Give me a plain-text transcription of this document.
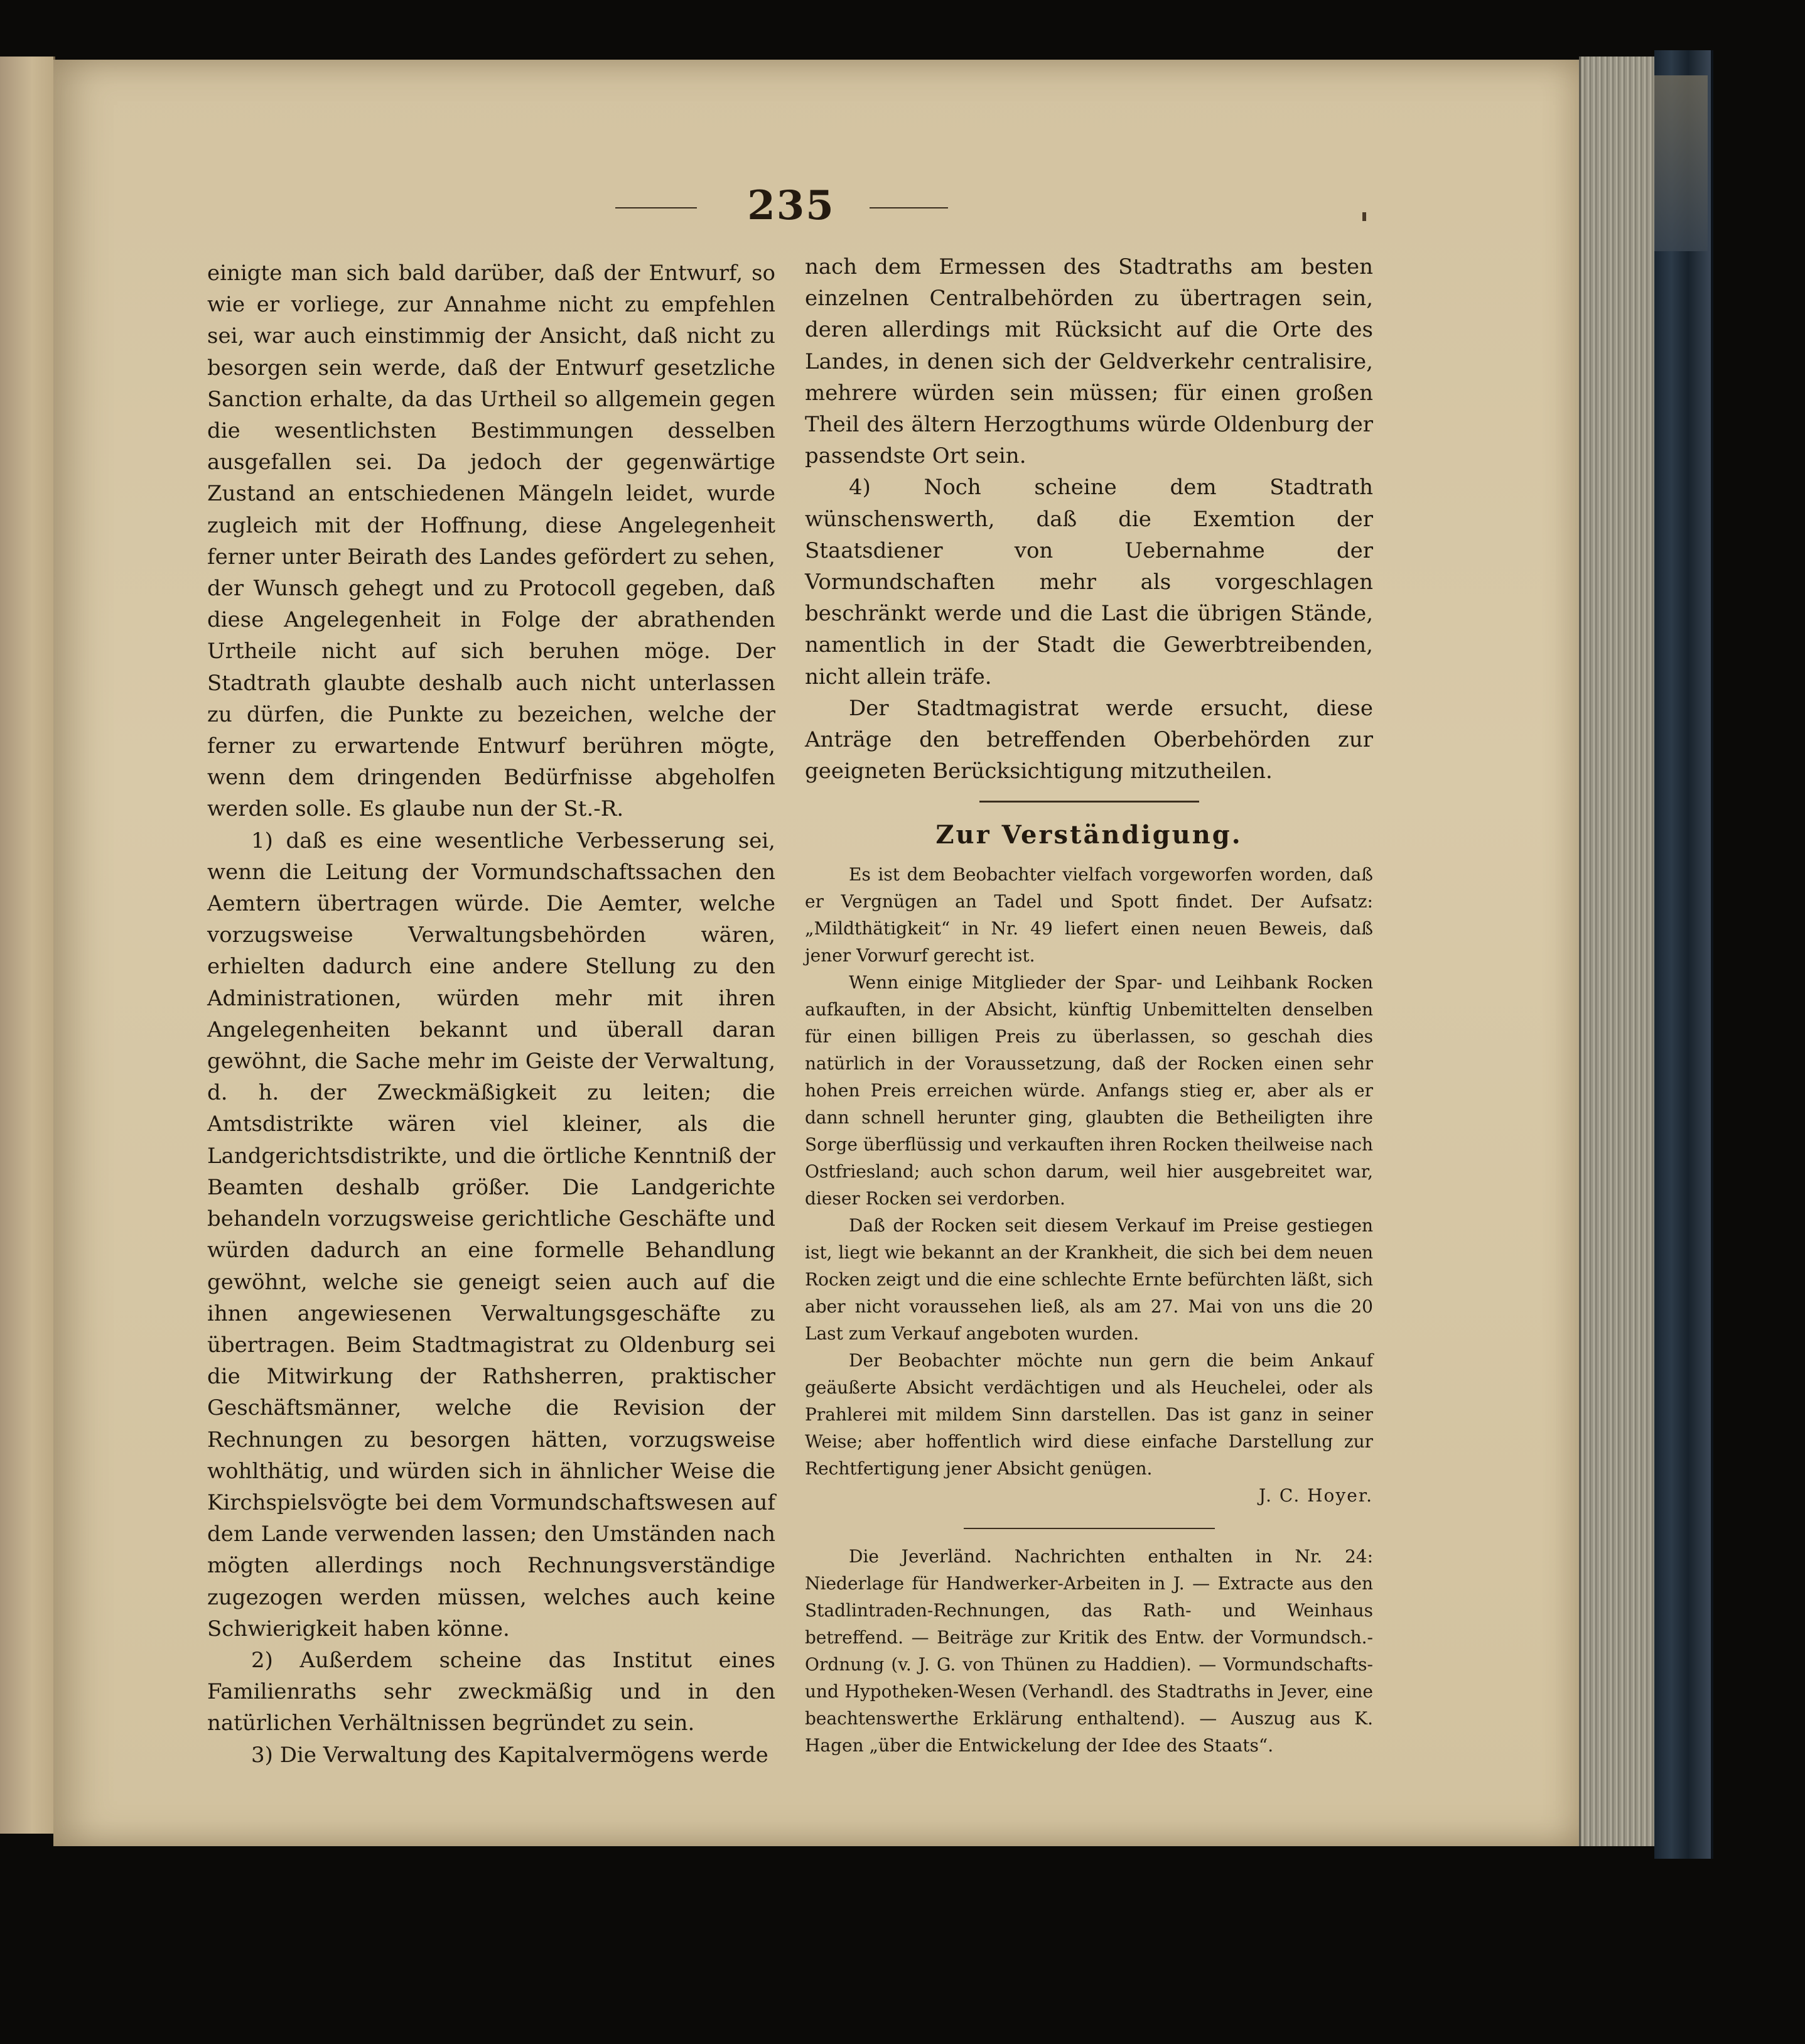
235

einigte man sich bald darüber, daß der Entwurf, so wie er vorliege, zur Annahme nicht zu empfehlen sei, war auch einstimmig der Ansicht, daß nicht zu besorgen sein werde, daß der Entwurf gesetzliche Sanction erhalte, da das Urtheil so allgemein gegen die wesentlichsten Bestimmungen desselben ausgefallen sei. Da jedoch der gegenwärtige Zustand an entschiedenen Mängeln leidet, wurde zugleich mit der Hoffnung, diese Angelegenheit ferner unter Beirath des Landes gefördert zu sehen, der Wunsch gehegt und zu Protocoll gegeben, daß diese Angelegenheit in Folge der abrathenden Urtheile nicht auf sich beruhen möge. Der Stadtrath glaubte deshalb auch nicht unterlassen zu dürfen, die Punkte zu bezeichen, welche der ferner zu erwartende Entwurf berühren mögte, wenn dem dringenden Bedürfnisse abgeholfen werden solle. Es glaube nun der St.-R.

1) daß es eine wesentliche Verbesserung sei, wenn die Leitung der Vormundschaftssachen den Aemtern übertragen würde. Die Aemter, welche vorzugsweise Verwaltungsbehörden wären, erhielten dadurch eine andere Stellung zu den Administrationen, würden mehr mit ihren Angelegenheiten bekannt und überall daran gewöhnt, die Sache mehr im Geiste der Verwaltung, d. h. der Zweckmäßigkeit zu leiten; die Amtsdistrikte wären viel kleiner, als die Landgerichtsdistrikte, und die örtliche Kenntniß der Beamten deshalb größer. Die Landgerichte behandeln vorzugsweise gerichtliche Geschäfte und würden dadurch an eine formelle Behandlung gewöhnt, welche sie geneigt seien auch auf die ihnen angewiesenen Verwaltungsgeschäfte zu übertragen. Beim Stadtmagistrat zu Oldenburg sei die Mitwirkung der Rathsherren, praktischer Geschäftsmänner, welche die Revision der Rechnungen zu besorgen hätten, vorzugsweise wohlthätig, und würden sich in ähnlicher Weise die Kirchspielsvögte bei dem Vormundschaftswesen auf dem Lande verwenden lassen; den Umständen nach mögten allerdings noch Rechnungsverständige zugezogen werden müssen, welches auch keine Schwierigkeit haben könne.

2) Außerdem scheine das Institut eines Familienraths sehr zweckmäßig und in den natürlichen Verhältnissen begründet zu sein.

3) Die Verwaltung des Kapitalvermögens werde

nach dem Ermessen des Stadtraths am besten einzelnen Centralbehörden zu übertragen sein, deren allerdings mit Rücksicht auf die Orte des Landes, in denen sich der Geldverkehr centralisire, mehrere würden sein müssen; für einen großen Theil des ältern Herzogthums würde Oldenburg der passendste Ort sein.

4) Noch scheine dem Stadtrath wünschenswerth, daß die Exemtion der Staatsdiener von Uebernahme der Vormundschaften mehr als vorgeschlagen beschränkt werde und die Last die übrigen Stände, namentlich in der Stadt die Gewerbtreibenden, nicht allein träfe.

Der Stadtmagistrat werde ersucht, diese Anträge den betreffenden Oberbehörden zur geeigneten Berücksichtigung mitzutheilen.

Zur Verständigung.

Es ist dem Beobachter vielfach vorgeworfen worden, daß er Vergnügen an Tadel und Spott findet. Der Aufsatz: „Mildthätigkeit“ in Nr. 49 liefert einen neuen Beweis, daß jener Vorwurf gerecht ist.

Wenn einige Mitglieder der Spar- und Leihbank Rocken aufkauften, in der Absicht, künftig Unbemittelten denselben für einen billigen Preis zu überlassen, so geschah dies natürlich in der Voraussetzung, daß der Rocken einen sehr hohen Preis erreichen würde. Anfangs stieg er, aber als er dann schnell herunter ging, glaubten die Betheiligten ihre Sorge überflüssig und verkauften ihren Rocken theilweise nach Ostfriesland; auch schon darum, weil hier ausgebreitet war, dieser Rocken sei verdorben.

Daß der Rocken seit diesem Verkauf im Preise gestiegen ist, liegt wie bekannt an der Krankheit, die sich bei dem neuen Rocken zeigt und die eine schlechte Ernte befürchten läßt, sich aber nicht voraussehen ließ, als am 27. Mai von uns die 20 Last zum Verkauf angeboten wurden.

Der Beobachter möchte nun gern die beim Ankauf geäußerte Absicht verdächtigen und als Heuchelei, oder als Prahlerei mit mildem Sinn darstellen. Das ist ganz in seiner Weise; aber hoffentlich wird diese einfache Darstellung zur Rechtfertigung jener Absicht genügen.

J. C. Hoyer.

Die Jeverländ. Nachrichten enthalten in Nr. 24: Niederlage für Handwerker-Arbeiten in J. — Extracte aus den Stadlintraden-Rechnungen, das Rath- und Weinhaus betreffend. — Beiträge zur Kritik des Entw. der Vormundsch.-Ordnung (v. J. G. von Thünen zu Haddien). — Vormundschafts- und Hypotheken-Wesen (Verhandl. des Stadtraths in Jever, eine beachtenswerthe Erklärung enthaltend). — Auszug aus K. Hagen „über die Entwickelung der Idee des Staats“.
